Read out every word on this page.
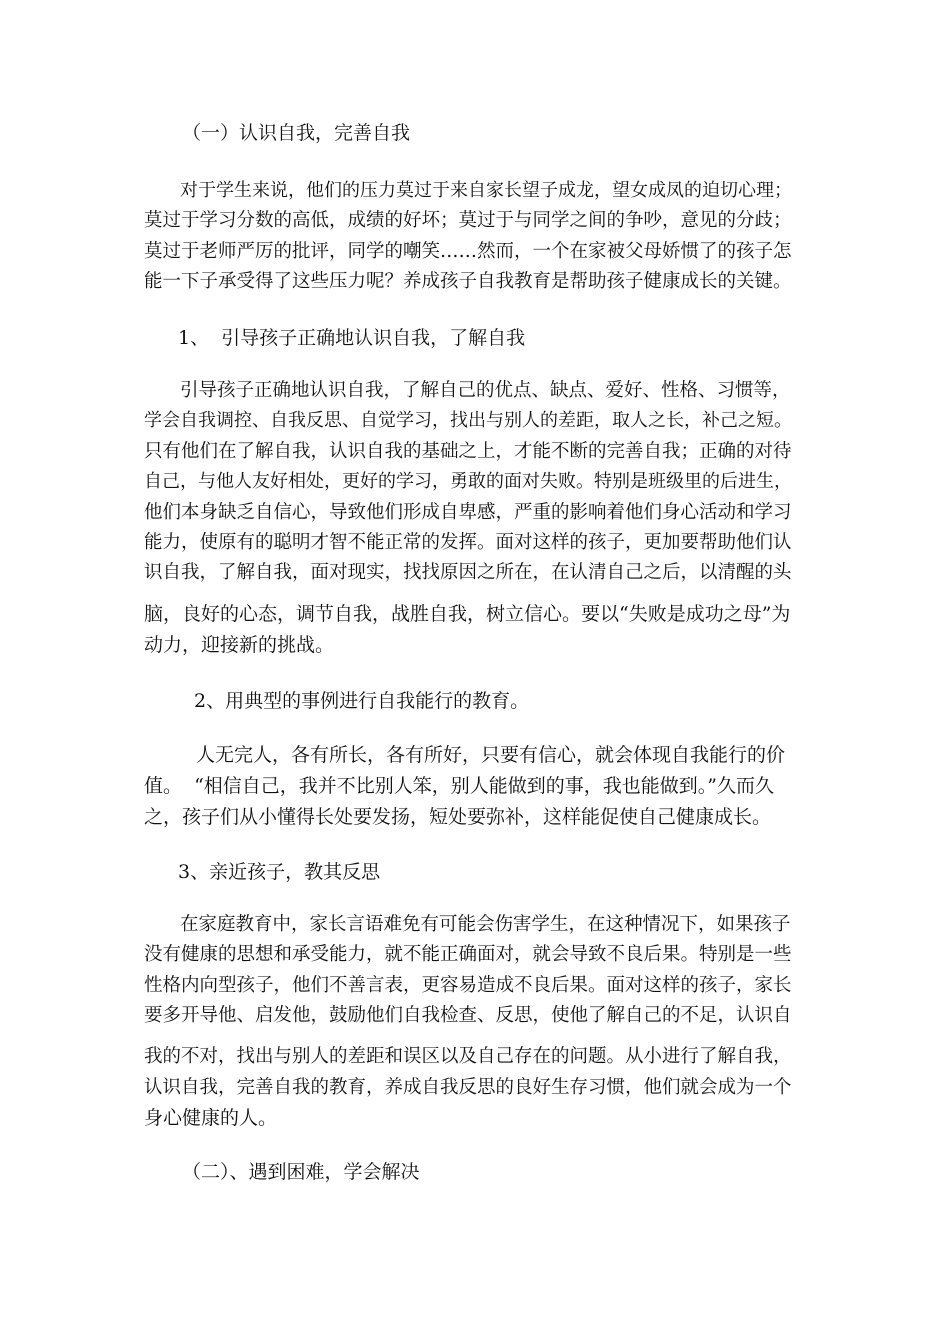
（一）认识自我，完善自我
对于学生来说，他们的压力莫过于来自家长望子成龙，望女成凤的迫切心理；
莫过于学习分数的高低，成绩的好坏；莫过于与同学之间的争吵，意见的分歧；
莫过于老师严厉的批评，同学的嘲笑……然而，一个在家被父母娇惯了的孩子怎
能一下子承受得了这些压力呢？养成孩子自我教育是帮助孩子健康成长的关键。
1、  引导孩子正确地认识自我，了解自我
引导孩子正确地认识自我，了解自己的优点、缺点、爱好、性格、习惯等，
学会自我调控、自我反思、自觉学习，找出与别人的差距，取人之长，补己之短。
只有他们在了解自我，认识自我的基础之上，才能不断的完善自我；正确的对待
自己，与他人友好相处，更好的学习，勇敢的面对失败。特别是班级里的后进生，
他们本身缺乏自信心，导致他们形成自卑感，严重的影响着他们身心活动和学习
能力，使原有的聪明才智不能正常的发挥。面对这样的孩子，更加要帮助他们认
识自我，了解自我，面对现实，找找原因之所在，在认清自己之后，以清醒的头
脑，良好的心态，调节自我，战胜自我，树立信心。要以“失败是成功之母”为
动力，迎接新的挑战。
2、用典型的事例进行自我能行的教育。
人无完人，各有所长，各有所好，只要有信心，就会体现自我能行的价
值。  “相信自己，我并不比别人笨，别人能做到的事，我也能做到。”久而久
之，孩子们从小懂得长处要发扬，短处要弥补，这样能促使自己健康成长。
3、亲近孩子，教其反思
在家庭教育中，家长言语难免有可能会伤害学生，在这种情况下，如果孩子
没有健康的思想和承受能力，就不能正确面对，就会导致不良后果。特别是一些
性格内向型孩子，他们不善言表，更容易造成不良后果。面对这样的孩子，家长
要多开导他、启发他，鼓励他们自我检查、反思，使他了解自己的不足，认识自
我的不对，找出与别人的差距和误区以及自己存在的问题。从小进行了解自我，
认识自我，完善自我的教育，养成自我反思的良好生存习惯，他们就会成为一个
身心健康的人。
（二）、遇到困难，学会解决
